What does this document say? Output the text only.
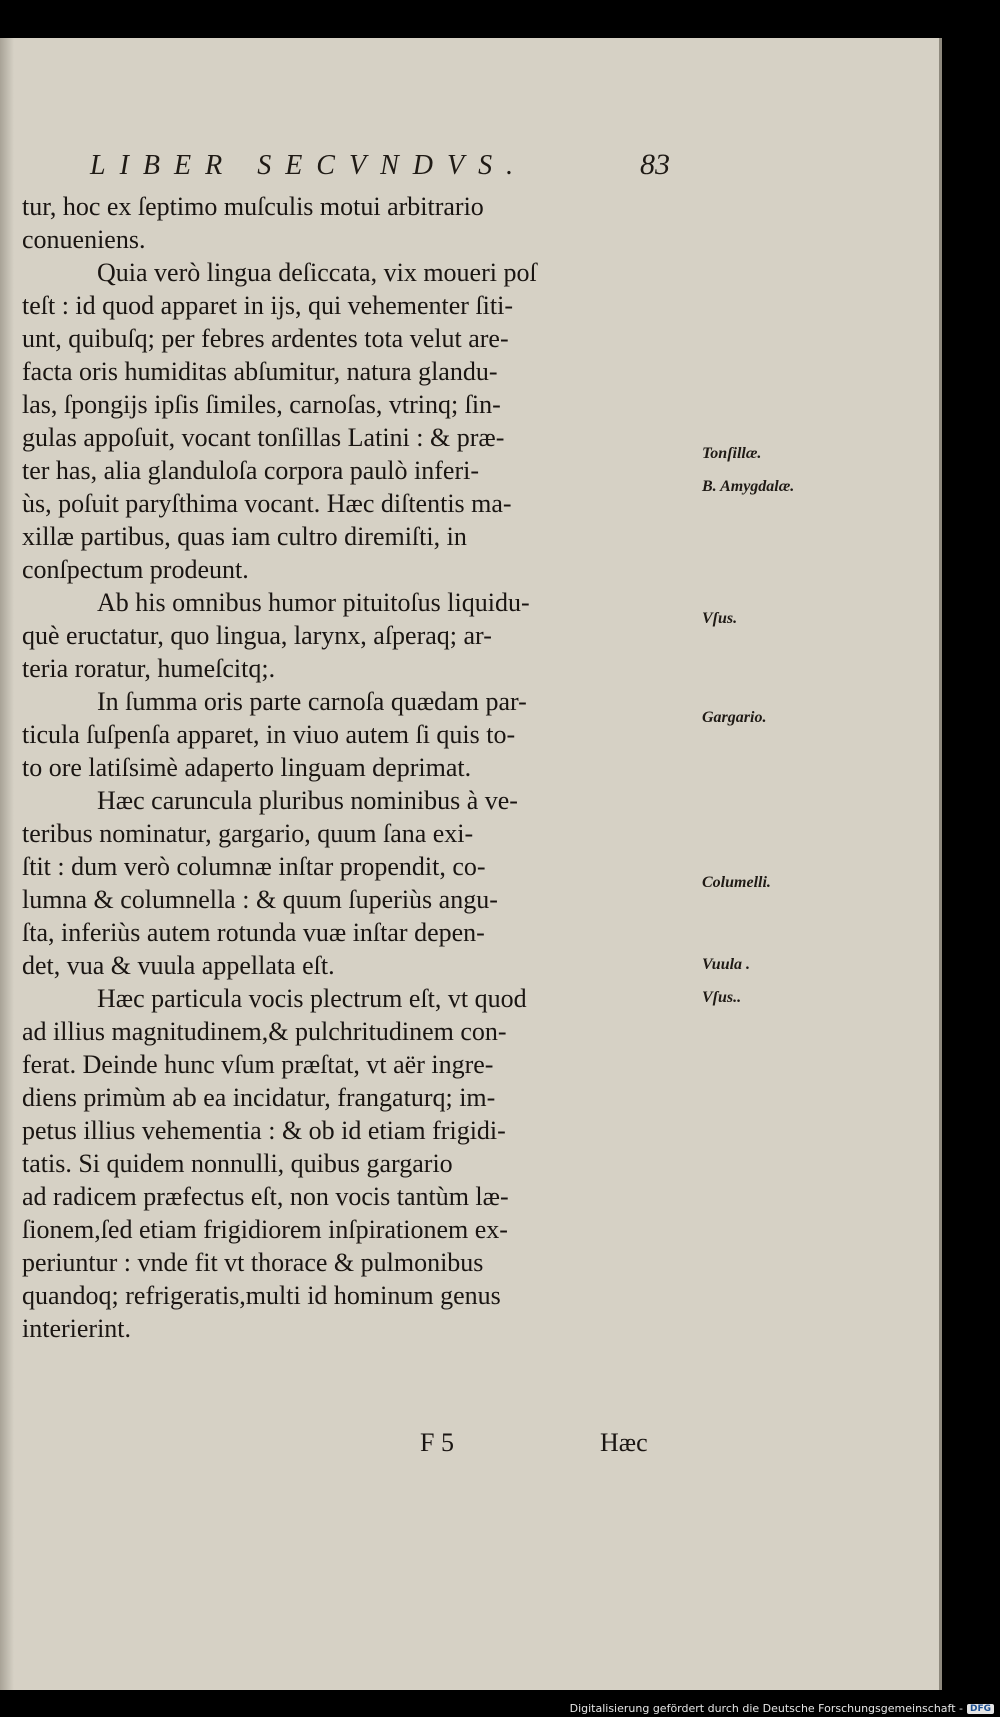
LIBER SECVNDVS.	83
tur, hoc ex ſeptimo muſculis motui arbitrario
conueniens.
Quia verò lingua deſiccata, vix moueri poſ
teſt : id quod apparet in ijs, qui vehementer ſiti-
unt, quibuſq; per febres ardentes tota velut are-
facta oris humiditas abſumitur, natura glandu-
las, ſpongijs ipſis ſimiles, carnoſas, vtrinq; ſin-
gulas appoſuit, vocant tonſillas Latini : & præ-
ter has, alia glanduloſa corpora paulò inferi-
ùs, poſuit paryſthima vocant. Hæc diſtentis ma-
xillæ partibus, quas iam cultro diremiſti, in
conſpectum prodeunt.
Ab his omnibus humor pituitoſus liquidu-
què eructatur, quo lingua, larynx, aſperaq; ar-
teria roratur, humeſcitq;.
In ſumma oris parte carnoſa quædam par-
ticula ſuſpenſa apparet, in viuo autem ſi quis to-
to ore latiſsimè adaperto linguam deprimat.
Hæc caruncula pluribus nominibus à ve-
teribus nominatur, gargario, quum ſana exi-
ſtit : dum verò columnæ inſtar propendit, co-
lumna & columnella : & quum ſuperiùs angu-
ſta, inferiùs autem rotunda vuæ inſtar depen-
det, vua & vuula appellata eſt.
Hæc particula vocis plectrum eſt, vt quod
ad illius magnitudinem,& pulchritudinem con-
ferat. Deinde hunc vſum præſtat, vt aër ingre-
diens primùm ab ea incidatur, frangaturq; im-
petus illius vehementia : & ob id etiam frigidi-
tatis. Si quidem nonnulli, quibus gargario
ad radicem præfectus eſt, non vocis tantùm læ-
ſionem,ſed etiam frigidiorem inſpirationem ex-
periuntur : vnde fit vt thorace & pulmonibus
quandoq; refrigeratis,multi id hominum genus
interierint.
Tonſillæ.
B. Amygdalæ.
Vſus.
Gargario.
Columelli.
Vuula .
Vſus..
F 5	Hæc
Digitalisierung gefördert durch die Deutsche Forschungsgemeinschaft - DFG
